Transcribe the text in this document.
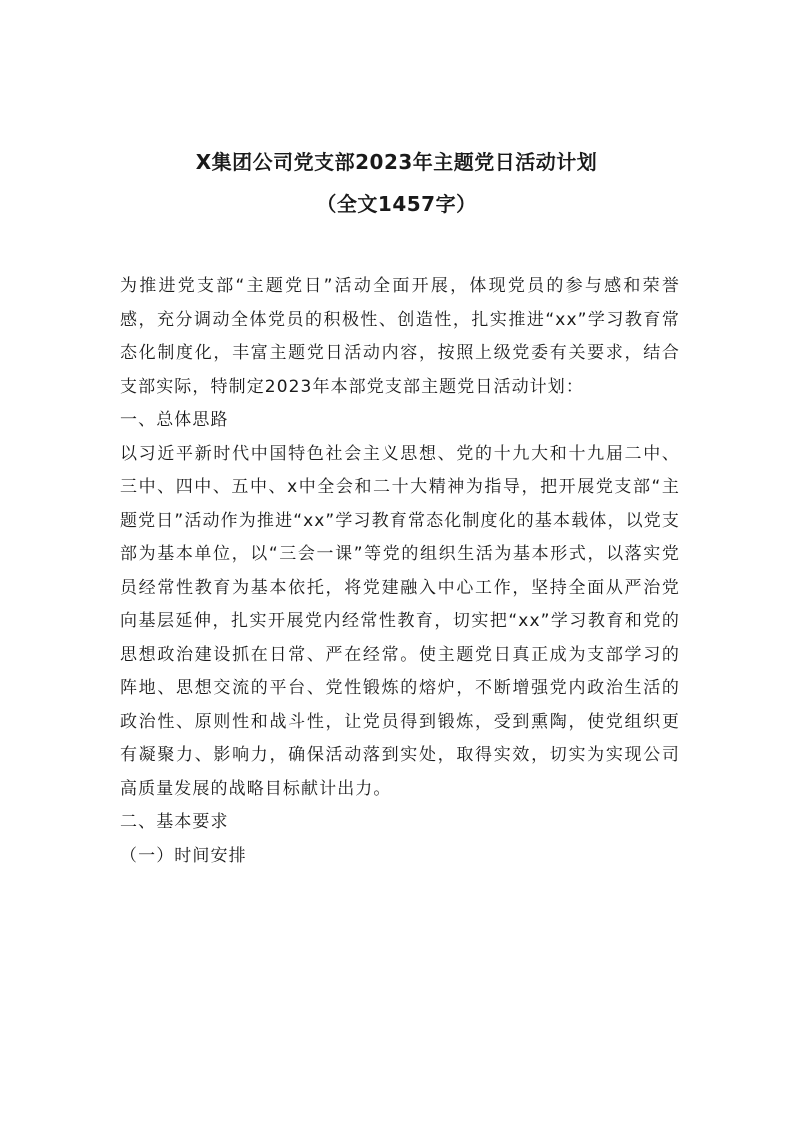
X集团公司党支部2023年主题党日活动计划
（全文1457字）

为推进党支部“主题党日”活动全面开展，体现党员的参与感和荣誉感，充分调动全体党员的积极性、创造性，扎实推进“xx”学习教育常态化制度化，丰富主题党日活动内容，按照上级党委有关要求，结合支部实际，特制定2023年本部党支部主题党日活动计划：

一、总体思路

以习近平新时代中国特色社会主义思想、党的十九大和十九届二中、三中、四中、五中、x中全会和二十大精神为指导，把开展党支部“主题党日”活动作为推进“xx”学习教育常态化制度化的基本载体，以党支部为基本单位，以“三会一课”等党的组织生活为基本形式，以落实党员经常性教育为基本依托，将党建融入中心工作，坚持全面从严治党向基层延伸，扎实开展党内经常性教育，切实把“xx”学习教育和党的思想政治建设抓在日常、严在经常。使主题党日真正成为支部学习的阵地、思想交流的平台、党性锻炼的熔炉，不断增强党内政治生活的政治性、原则性和战斗性，让党员得到锻炼，受到熏陶，使党组织更有凝聚力、影响力，确保活动落到实处，取得实效，切实为实现公司高质量发展的战略目标献计出力。

二、基本要求

（一）时间安排
